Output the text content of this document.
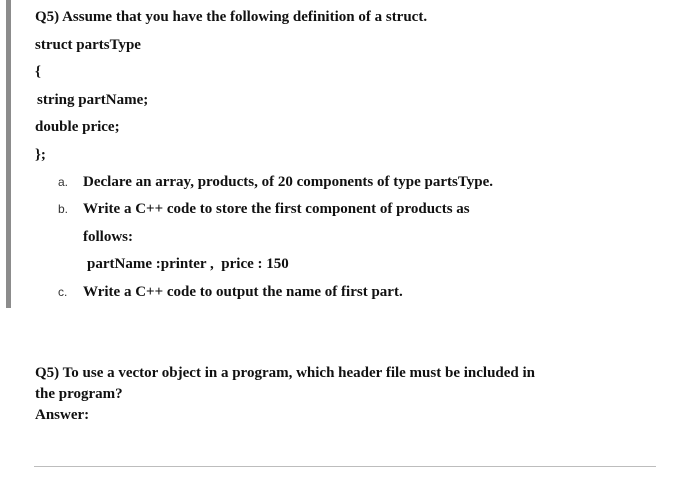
Q5) Assume that you have the following definition of a struct.
struct partsType
{
string partName;
double price;
};
a. Declare an array, products, of 20 components of type partsType.
b. Write a C++ code to store the first component of products as
follows:
partName :printer ,  price : 150
c. Write a C++ code to output the name of first part.
Q5) To use a vector object in a program, which header file must be included in
the program?
Answer:
